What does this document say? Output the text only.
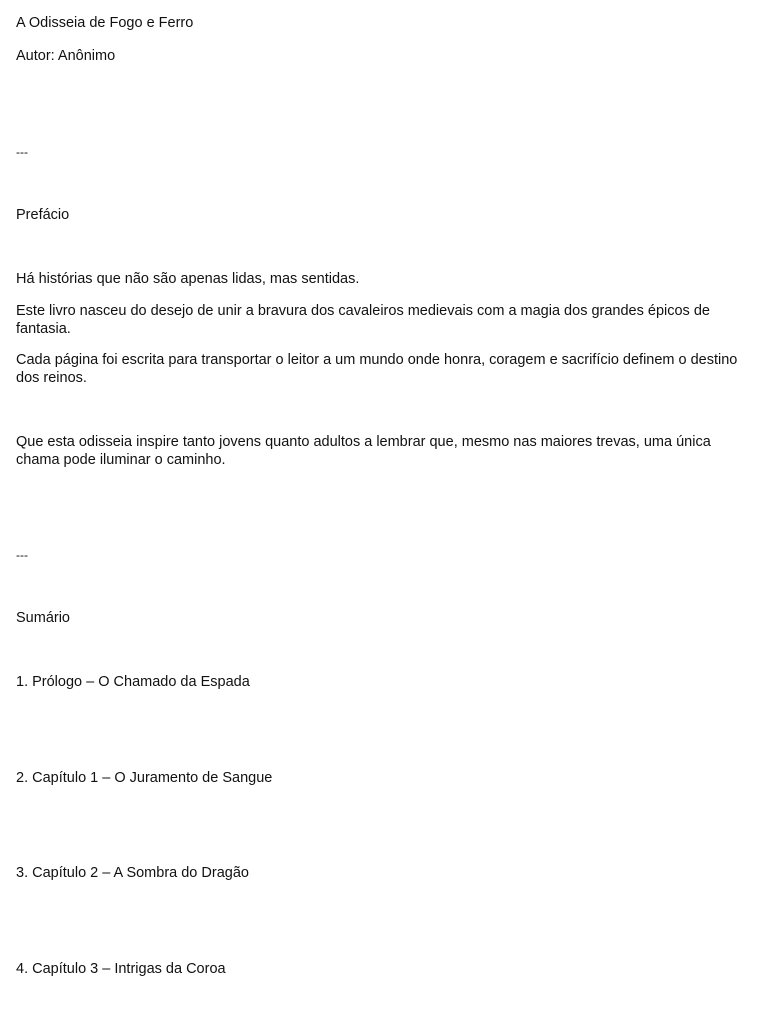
A Odisseia de Fogo e Ferro

Autor: Anônimo

---

Prefácio

Há histórias que não são apenas lidas, mas sentidas.

Este livro nasceu do desejo de unir a bravura dos cavaleiros medievais com a magia dos grandes épicos de fantasia.

Cada página foi escrita para transportar o leitor a um mundo onde honra, coragem e sacrifício definem o destino dos reinos.

Que esta odisseia inspire tanto jovens quanto adultos a lembrar que, mesmo nas maiores trevas, uma única chama pode iluminar o caminho.

---

Sumário

1. Prólogo – O Chamado da Espada

2. Capítulo 1 – O Juramento de Sangue

3. Capítulo 2 – A Sombra do Dragão

4. Capítulo 3 – Intrigas da Coroa
